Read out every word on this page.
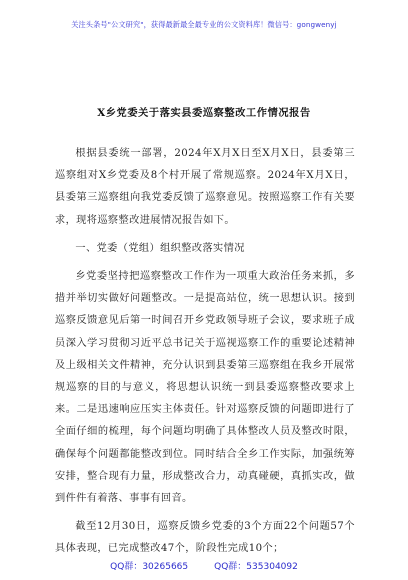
关注头条号"公文研究"，获得最新最全最专业的公文资料库！微信号：gongwenyj
X乡党委关于落实县委巡察整改工作情况报告

根据县委统一部署，2024年X月X日至X月X日，县委第三巡察组对X乡党委及8个村开展了常规巡察。2024年X月X日，县委第三巡察组向我党委反馈了巡察意见。按照巡察工作有关要求，现将巡察整改进展情况报告如下。

一、党委（党组）组织整改落实情况

乡党委坚持把巡察整改工作作为一项重大政治任务来抓，多措并举切实做好问题整改。一是提高站位，统一思想认识。接到巡察反馈意见后第一时间召开乡党政领导班子会议，要求班子成员深入学习贯彻习近平总书记关于巡视巡察工作的重要论述精神及上级相关文件精神，充分认识到县委第三巡察组在我乡开展常规巡察的目的与意义，将思想认识统一到县委巡察整改要求上来。二是迅速响应压实主体责任。针对巡察反馈的问题即进行了全面仔细的梳理，每个问题均明确了具体整改人员及整改时限，确保每个问题都能整改到位。同时结合全乡工作实际，加强统筹安排，整合现有力量，形成整改合力，动真碰硬，真抓实改，做到件件有着落、事事有回音。

截至12月30日，巡察反馈乡党委的3个方面22个问题57个具体表现，已完成整改47个，阶段性完成10个；

QQ群：30265665	QQ群：535304092
